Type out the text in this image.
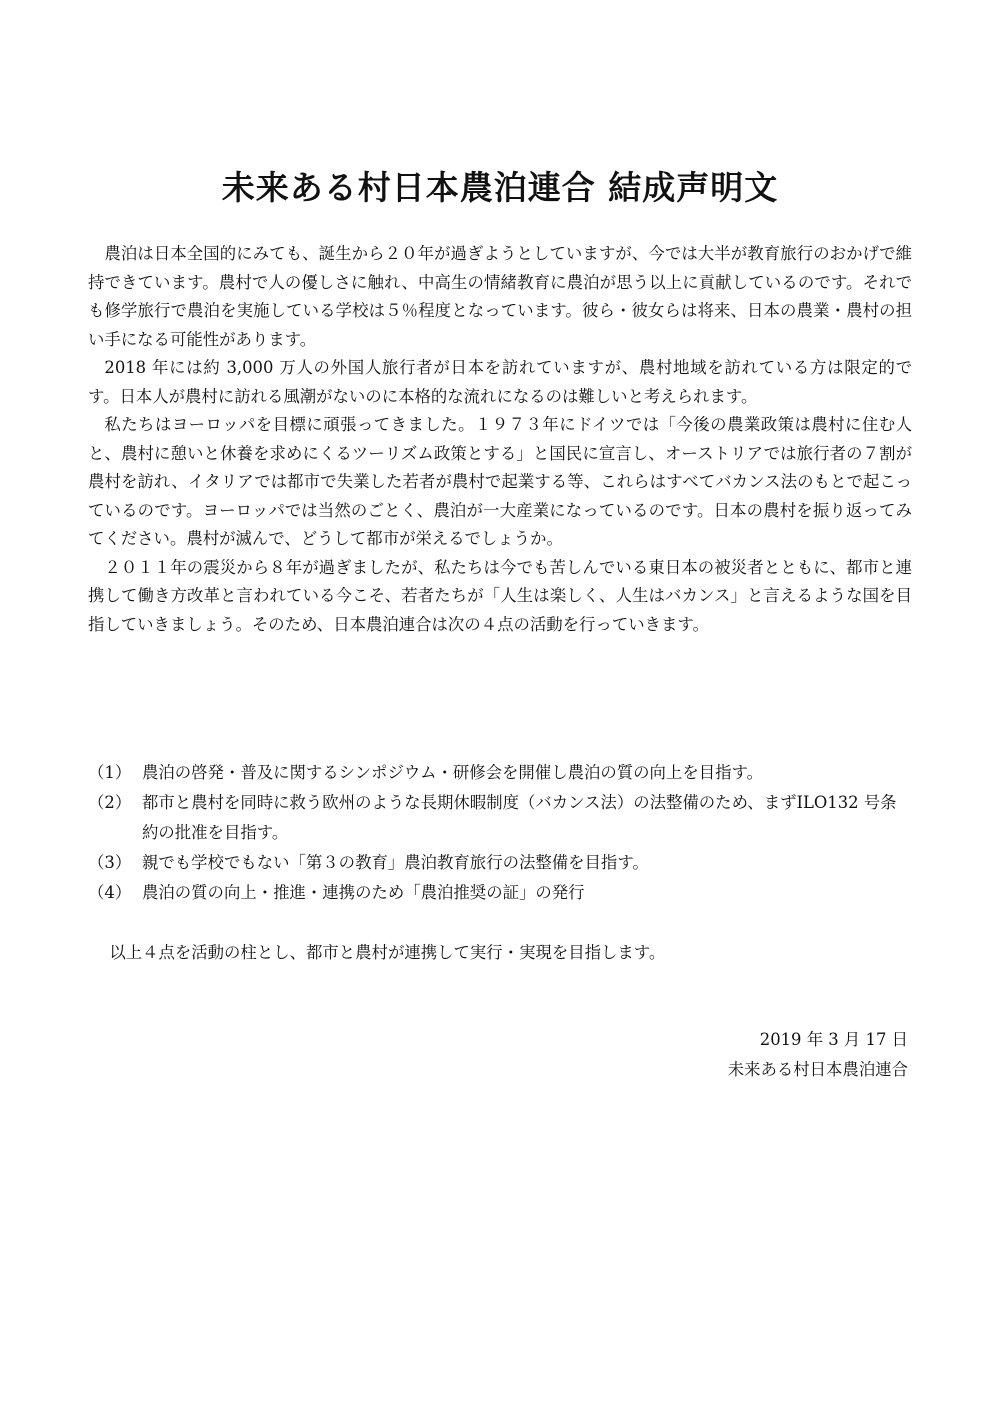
未来ある村日本農泊連合 結成声明文

農泊は日本全国的にみても、誕生から２０年が過ぎようとしていますが、今では大半が教育旅行のおかげで維持できています。農村で人の優しさに触れ、中高生の情緒教育に農泊が思う以上に貢献しているのです。それでも修学旅行で農泊を実施している学校は５％程度となっています。彼ら・彼女らは将来、日本の農業・農村の担い手になる可能性があります。

2018 年には約 3,000 万人の外国人旅行者が日本を訪れていますが、農村地域を訪れている方は限定的です。日本人が農村に訪れる風潮がないのに本格的な流れになるのは難しいと考えられます。

私たちはヨーロッパを目標に頑張ってきました。１９７３年にドイツでは「今後の農業政策は農村に住む人と、農村に憩いと休養を求めにくるツーリズム政策とする」と国民に宣言し、オーストリアでは旅行者の７割が農村を訪れ、イタリアでは都市で失業した若者が農村で起業する等、これらはすべてバカンス法のもとで起こっているのです。ヨーロッパでは当然のごとく、農泊が一大産業になっているのです。日本の農村を振り返ってみてください。農村が滅んで、どうして都市が栄えるでしょうか。

２０１１年の震災から８年が過ぎましたが、私たちは今でも苦しんでいる東日本の被災者とともに、都市と連携して働き方改革と言われている今こそ、若者たちが「人生は楽しく、人生はバカンス」と言えるような国を目指していきましょう。そのため、日本農泊連合は次の４点の活動を行っていきます。

（1） 農泊の啓発・普及に関するシンポジウム・研修会を開催し農泊の質の向上を目指す。
（2） 都市と農村を同時に救う欧州のような長期休暇制度（バカンス法）の法整備のため、まずILO132 号条約の批准を目指す。
（3） 親でも学校でもない「第３の教育」農泊教育旅行の法整備を目指す。
（4） 農泊の質の向上・推進・連携のため「農泊推奨の証」の発行

以上４点を活動の柱とし、都市と農村が連携して実行・実現を目指します。

2019 年 3 月 17 日

未来ある村日本農泊連合
